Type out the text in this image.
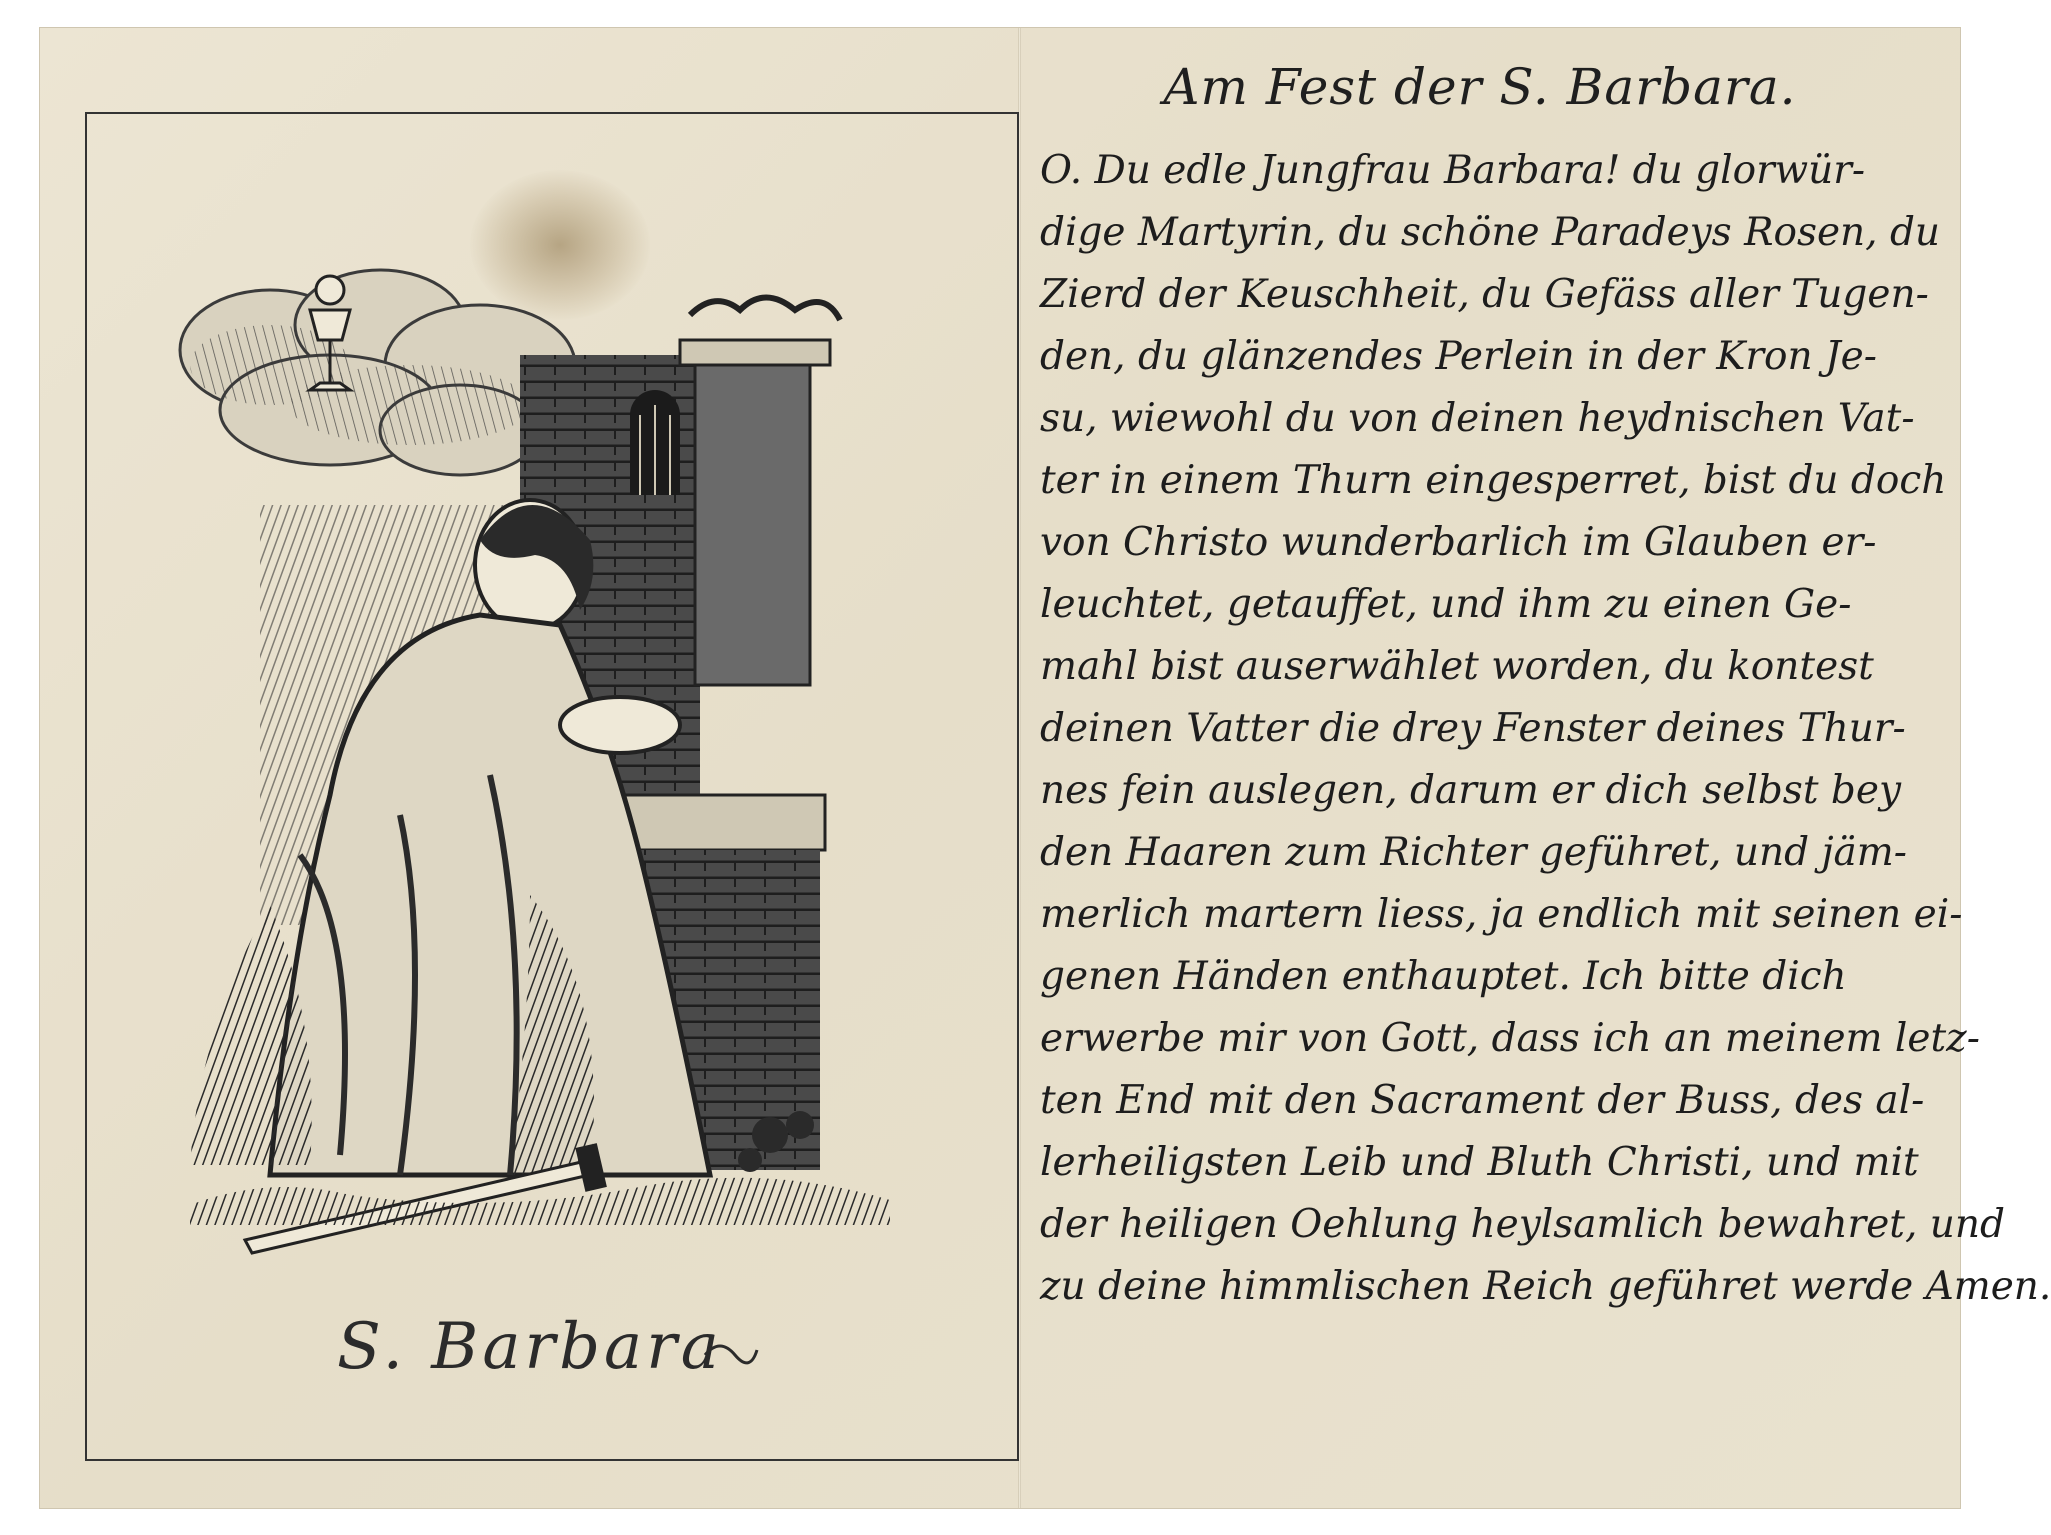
S. Barbara
Am Fest der S. Barbara.
O. Du edle Jungfrau Barbara! du glorwür-
dige Martyrin, du schöne Paradeys Rosen, du
Zierd der Keuschheit, du Gefäss aller Tugen-
den, du glänzendes Perlein in der Kron Je-
su, wiewohl du von deinen heydnischen Vat-
ter in einem Thurn eingesperret, bist du doch
von Christo wunderbarlich im Glauben er-
leuchtet, getauffet, und ihm zu einen Ge-
mahl bist auserwählet worden, du kontest
deinen Vatter die drey Fenster deines Thur-
nes fein auslegen, darum er dich selbst bey
den Haaren zum Richter geführet, und jäm-
merlich martern liess, ja endlich mit seinen ei-
genen Händen enthauptet. Ich bitte dich
erwerbe mir von Gott, dass ich an meinem letz-
ten End mit den Sacrament der Buss, des al-
lerheiligsten Leib und Bluth Christi, und mit
der heiligen Oehlung heylsamlich bewahret, und
zu deine himmlischen Reich geführet werde Amen.
